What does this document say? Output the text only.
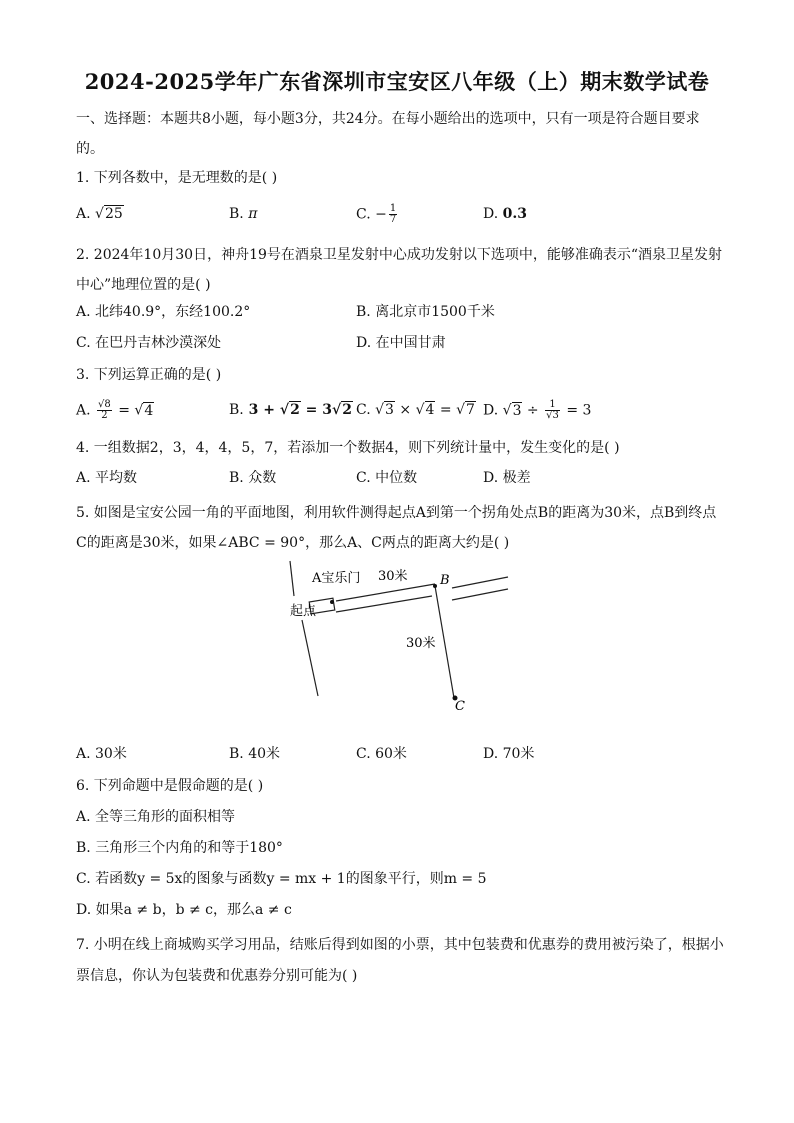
2024-2025学年广东省深圳市宝安区八年级（上）期末数学试卷
一、选择题：本题共8小题，每小题3分，共24分。在每小题给出的选项中，只有一项是符合题目要求的。
1. 下列各数中，是无理数的是( )
A. √25	B. π	C. − $\frac{1}{7}$	D. 0.3
2. 2024年10月30日，神舟19号在酒泉卫星发射中心成功发射以下选项中，能够准确表示“酒泉卫星发射中心”地理位置的是( )
A. 北纬40.9°，东经100.2°	B. 离北京市1500千米
C. 在巴丹吉林沙漠深处	D. 在中国甘肃
3. 下列运算正确的是( )
A. $\frac{√8}{2} = √4$	B. 3 + √2 = 3√2 C. √3 × √4 = √7 D. $√3 \div \frac{1}{√3} = 3$
4. 一组数据2，3，4，4，5，7，若添加一个数据4，则下列统计量中，发生变化的是( )
A. 平均数	B. 众数	C. 中位数	D. 极差
5. 如图是宝安公园一角的平面地图，利用软件测得起点A到第一个拐角处点B的距离为30米，点B到终点C的距离是30米，如果∠ABC = 90°，那么A、C两点的距离大约是( )
A宝乐门 30米 B
起点
30米
C
A. 30米	B. 40米	C. 60米	D. 70米
6. 下列命题中是假命题的是( )
A. 全等三角形的面积相等
B. 三角形三个内角的和等于180°
C. 若函数y = 5x的图象与函数y = mx + 1的图象平行，则m = 5
D. 如果a ≠ b，b ≠ c，那么a ≠ c
7. 小明在线上商城购买学习用品，结账后得到如图的小票，其中包装费和优惠券的费用被污染了，根据小票信息，你认为包装费和优惠券分别可能为( )
